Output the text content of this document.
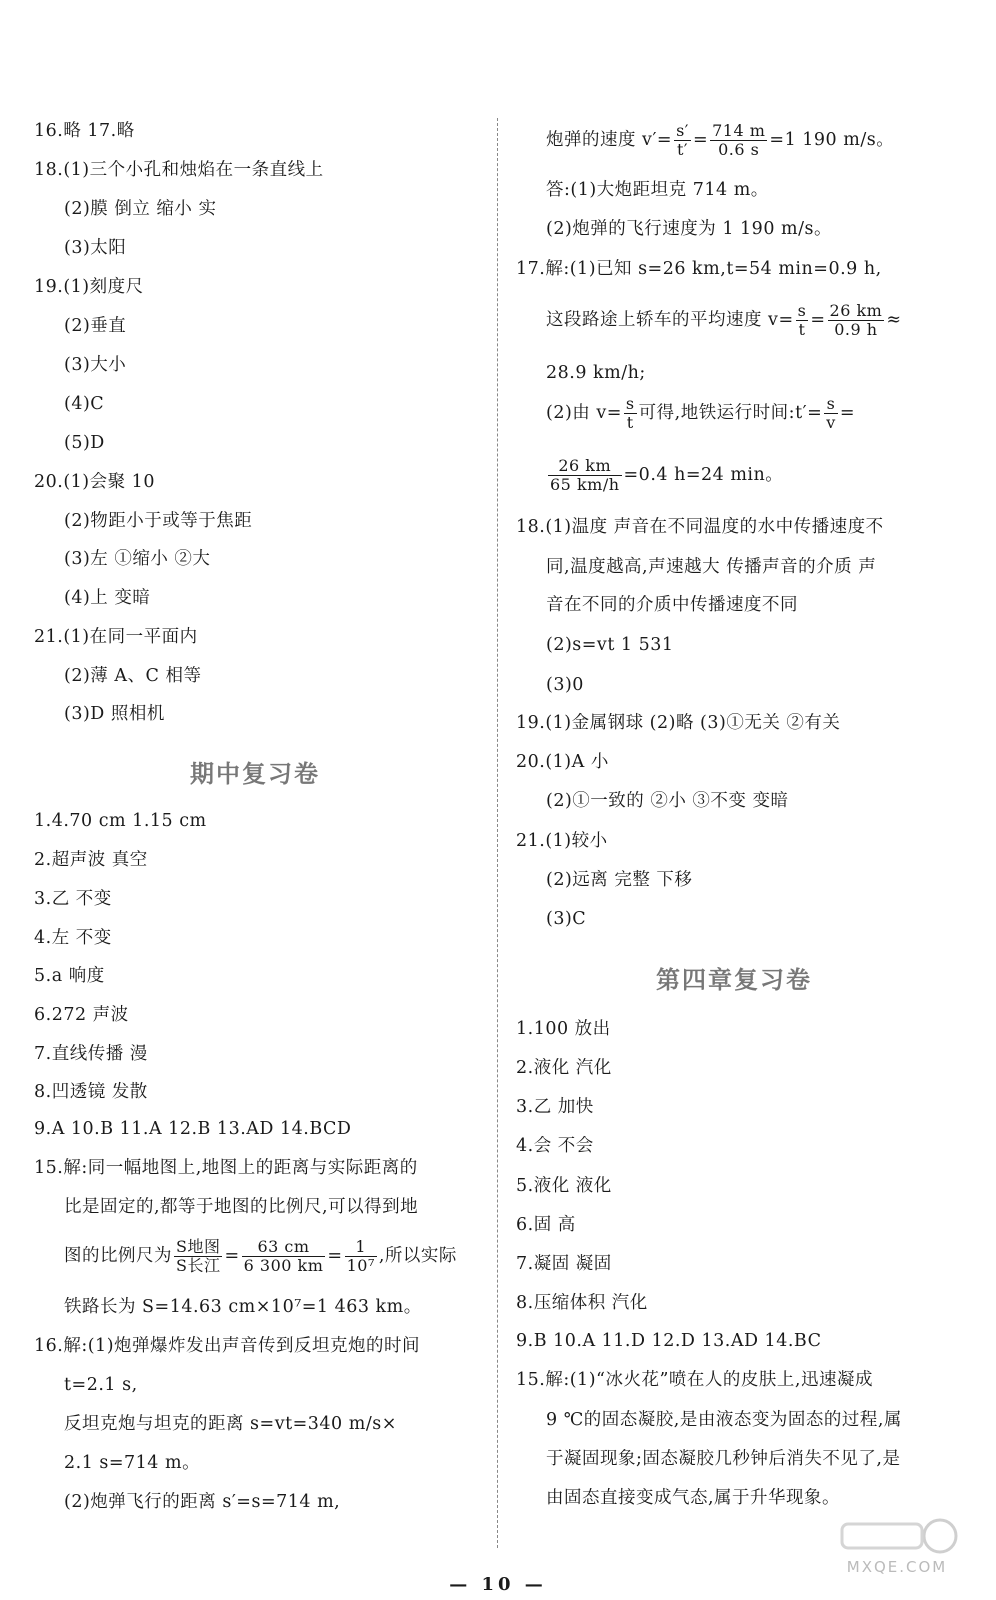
16.略 17.略
18.(1)三个小孔和烛焰在一条直线上
(2)膜 倒立 缩小 实
(3)太阳
19.(1)刻度尺
(2)垂直
(3)大小
(4)C
(5)D
20.(1)会聚 10
(2)物距小于或等于焦距
(3)左 ①缩小 ②大
(4)上 变暗
21.(1)在同一平面内
(2)薄 A、C 相等
(3)D 照相机
期中复习卷
1.4.70 cm 1.15 cm
2.超声波 真空
3.乙 不变
4.左 不变
5.a 响度
6.272 声波
7.直线传播 漫
8.凹透镜 发散
9.A 10.B 11.A 12.B 13.AD 14.BCD
15.解:同一幅地图上,地图上的距离与实际距离的
比是固定的,都等于地图的比例尺,可以得到地
图的比例尺为 $\frac{\text{S地图}}{\text{S长江}} = \frac{63 cm}{6 300 km} = \frac{1}{\text{10⁷}}$ ,所以实际
铁路长为 S=14.63 cm×10⁷=1 463 km。
16.解:(1)炮弹爆炸发出声音传到反坦克炮的时间
t=2.1 s,
反坦克炮与坦克的距离 s=vt=340 m/s×
2.1 s=714 m。
(2)炮弹飞行的距离 s′=s=714 m,
炮弹的速度 $v'= \frac{s'}{t'} = \frac{714 m}{0.6 s} =1$ 190 m/s。
答:(1)大炮距坦克 714 m。
(2)炮弹的飞行速度为 1 190 m/s。
17.解:(1)已知 s=26 km,t=54 min=0.9 h,
这段路途上轿车的平均速度 $v= \frac{s}{t} = \frac{26 km}{0.9 h}$ ≈
28.9 km/h;
(2)由 $v= \frac{s}{t}$ 可得,地铁运行时间:t′= $\frac{s}{v}$ =
$\frac{26 km}{65 km/h} =0.4$ h=24 min。
18.(1)温度 声音在不同温度的水中传播速度不
同,温度越高,声速越大 传播声音的介质 声
音在不同的介质中传播速度不同
(2)s=vt 1 531
(3)0
19.(1)金属钢球 (2)略 (3)①无关 ②有关
20.(1)A 小
(2)①一致的 ②小 ③不变 变暗
21.(1)较小
(2)远离 完整 下移
(3)C
第四章复习卷
1.100 放出
2.液化 汽化
3.乙 加快
4.会 不会
5.液化 液化
6.固 高
7.凝固 凝固
8.压缩体积 汽化
9.B 10.A 11.D 12.D 13.AD 14.BC
15.解:(1)“冰火花”喷在人的皮肤上,迅速凝成
9 ℃的固态凝胶,是由液态变为固态的过程,属
于凝固现象;固态凝胶几秒钟后消失不见了,是
由固态直接变成气态,属于升华现象。
— 10 —
MXQE.COM
